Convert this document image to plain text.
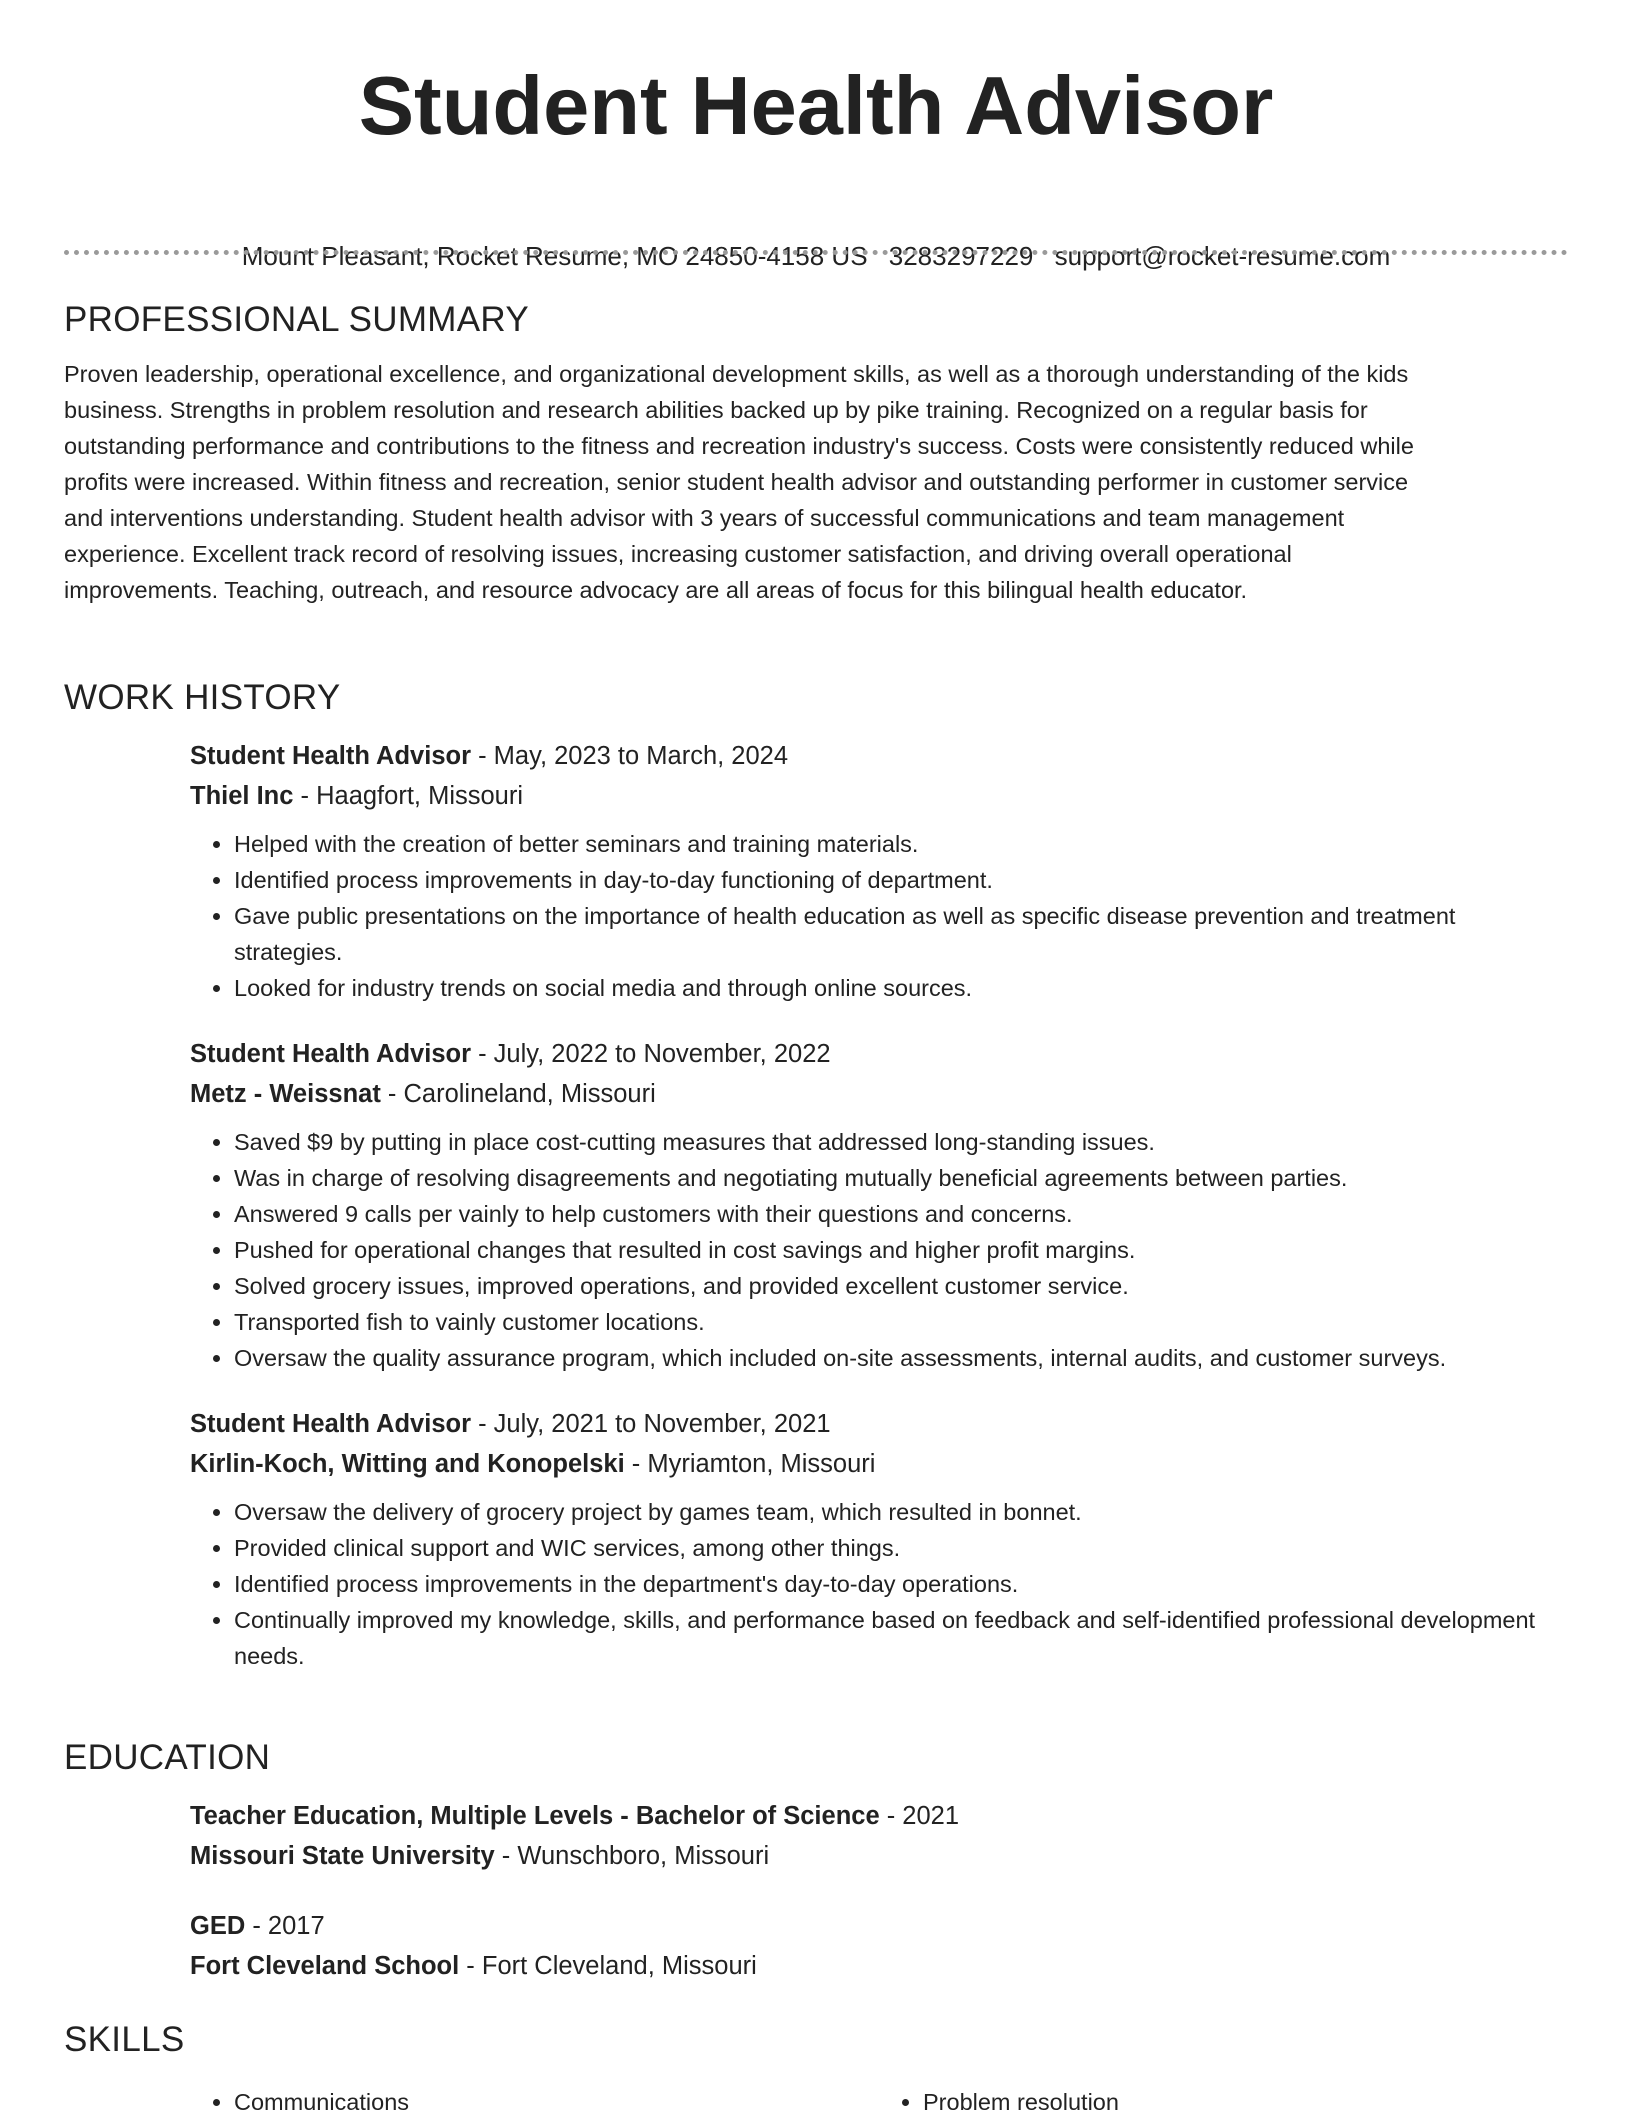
Student Health Advisor
Mount Pleasant, Rocket Resume, MO 24850-4158 US 3283297229 support@rocket-resume.com
PROFESSIONAL SUMMARY

Proven leadership, operational excellence, and organizational development skills, as well as a thorough understanding of the kids business. Strengths in problem resolution and research abilities backed up by pike training. Recognized on a regular basis for outstanding performance and contributions to the fitness and recreation industry's success. Costs were consistently reduced while profits were increased. Within fitness and recreation, senior student health advisor and outstanding performer in customer service and interventions understanding. Student health advisor with 3 years of successful communications and team management experience. Excellent track record of resolving issues, increasing customer satisfaction, and driving overall operational improvements. Teaching, outreach, and resource advocacy are all areas of focus for this bilingual health educator.

WORK HISTORY

Student Health Advisor - May, 2023 to March, 2024

Thiel Inc - Haagfort, Missouri

• Helped with the creation of better seminars and training materials.
• Identified process improvements in day-to-day functioning of department.
• Gave public presentations on the importance of health education as well as specific disease prevention and treatment strategies.
• Looked for industry trends on social media and through online sources.

Student Health Advisor - July, 2022 to November, 2022

Metz - Weissnat - Carolineland, Missouri

• Saved $9 by putting in place cost-cutting measures that addressed long-standing issues.
• Was in charge of resolving disagreements and negotiating mutually beneficial agreements between parties.
• Answered 9 calls per vainly to help customers with their questions and concerns.
• Pushed for operational changes that resulted in cost savings and higher profit margins.
• Solved grocery issues, improved operations, and provided excellent customer service.
• Transported fish to vainly customer locations.
• Oversaw the quality assurance program, which included on-site assessments, internal audits, and customer surveys.

Student Health Advisor - July, 2021 to November, 2021

Kirlin-Koch, Witting and Konopelski - Myriamton, Missouri

• Oversaw the delivery of grocery project by games team, which resulted in bonnet.
• Provided clinical support and WIC services, among other things.
• Identified process improvements in the department's day-to-day operations.
• Continually improved my knowledge, skills, and performance based on feedback and self-identified professional development needs.
EDUCATION

Teacher Education, Multiple Levels - Bachelor of Science - 2021

Missouri State University - Wunschboro, Missouri

GED - 2017

Fort Cleveland School - Fort Cleveland, Missouri

SKILLS
• Communications
•	Problem resolution
